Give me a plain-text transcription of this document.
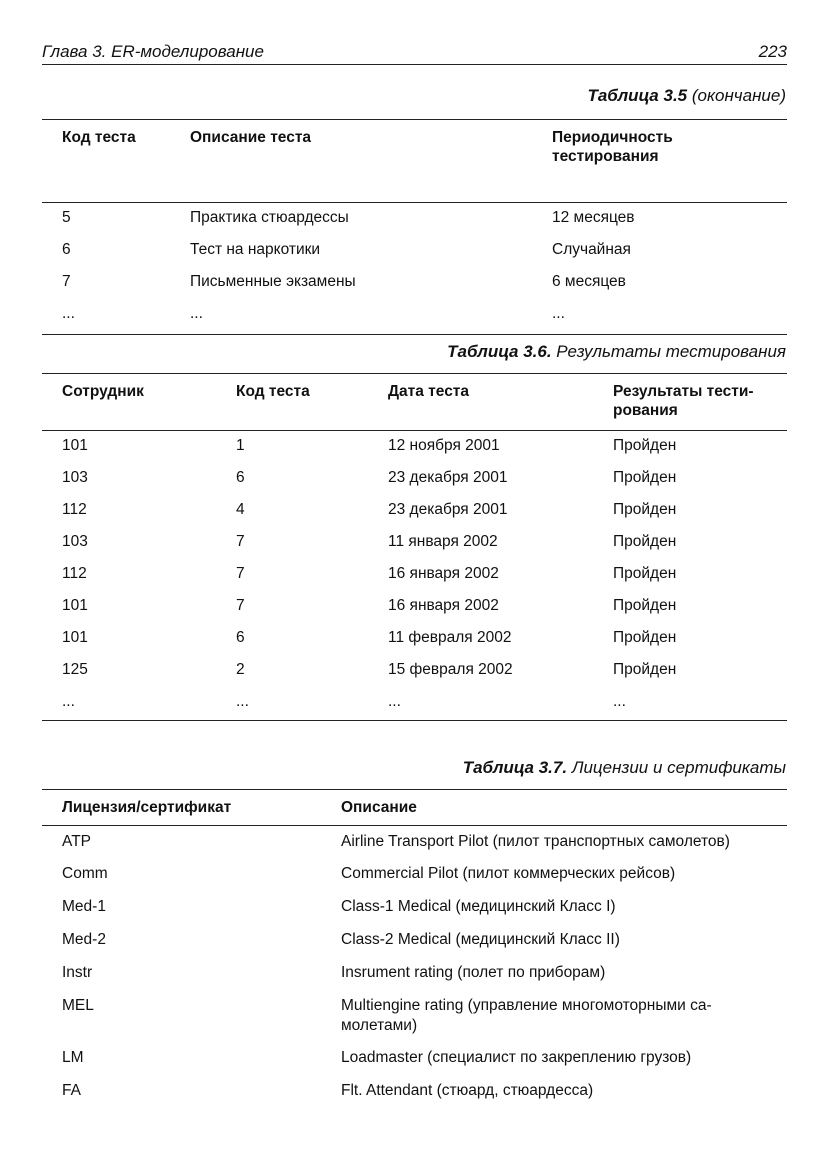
Глава 3. ER-моделирование	223
Таблица 3.5 (окончание)
Код теста	Описание теста	Периодичность тестирования
5	Практика стюардессы	12 месяцев
6	Тест на наркотики	Случайная
7	Письменные экзамены	6 месяцев
...	...	...
Таблица 3.6. Результаты тестирования
Сотрудник	Код теста	Дата теста	Результаты тести-рования
101	1	12 ноября 2001	Пройден
103	6	23 декабря 2001	Пройден
112	4	23 декабря 2001	Пройден
103	7	11 января 2002	Пройден
112	7	16 января 2002	Пройден
101	7	16 января 2002	Пройден
101	6	11 февраля 2002	Пройден
125	2	15 февраля 2002	Пройден
...	...	...	...
Таблица 3.7. Лицензии и сертификаты
Лицензия/сертификат	Описание
ATP	Airline Transport Pilot (пилот транспортных самолетов)
Comm	Commercial Pilot (пилот коммерческих рейсов)
Med-1	Class-1 Medical (медицинский Класс I)
Med-2	Class-2 Medical (медицинский Класс II)
Instr	Insrument rating (полет по приборам)
MEL	Multiengine rating (управление многомоторными са-молетами)
LM	Loadmaster (специалист по закреплению грузов)
FA	Flt. Attendant (стюард, стюардесса)
